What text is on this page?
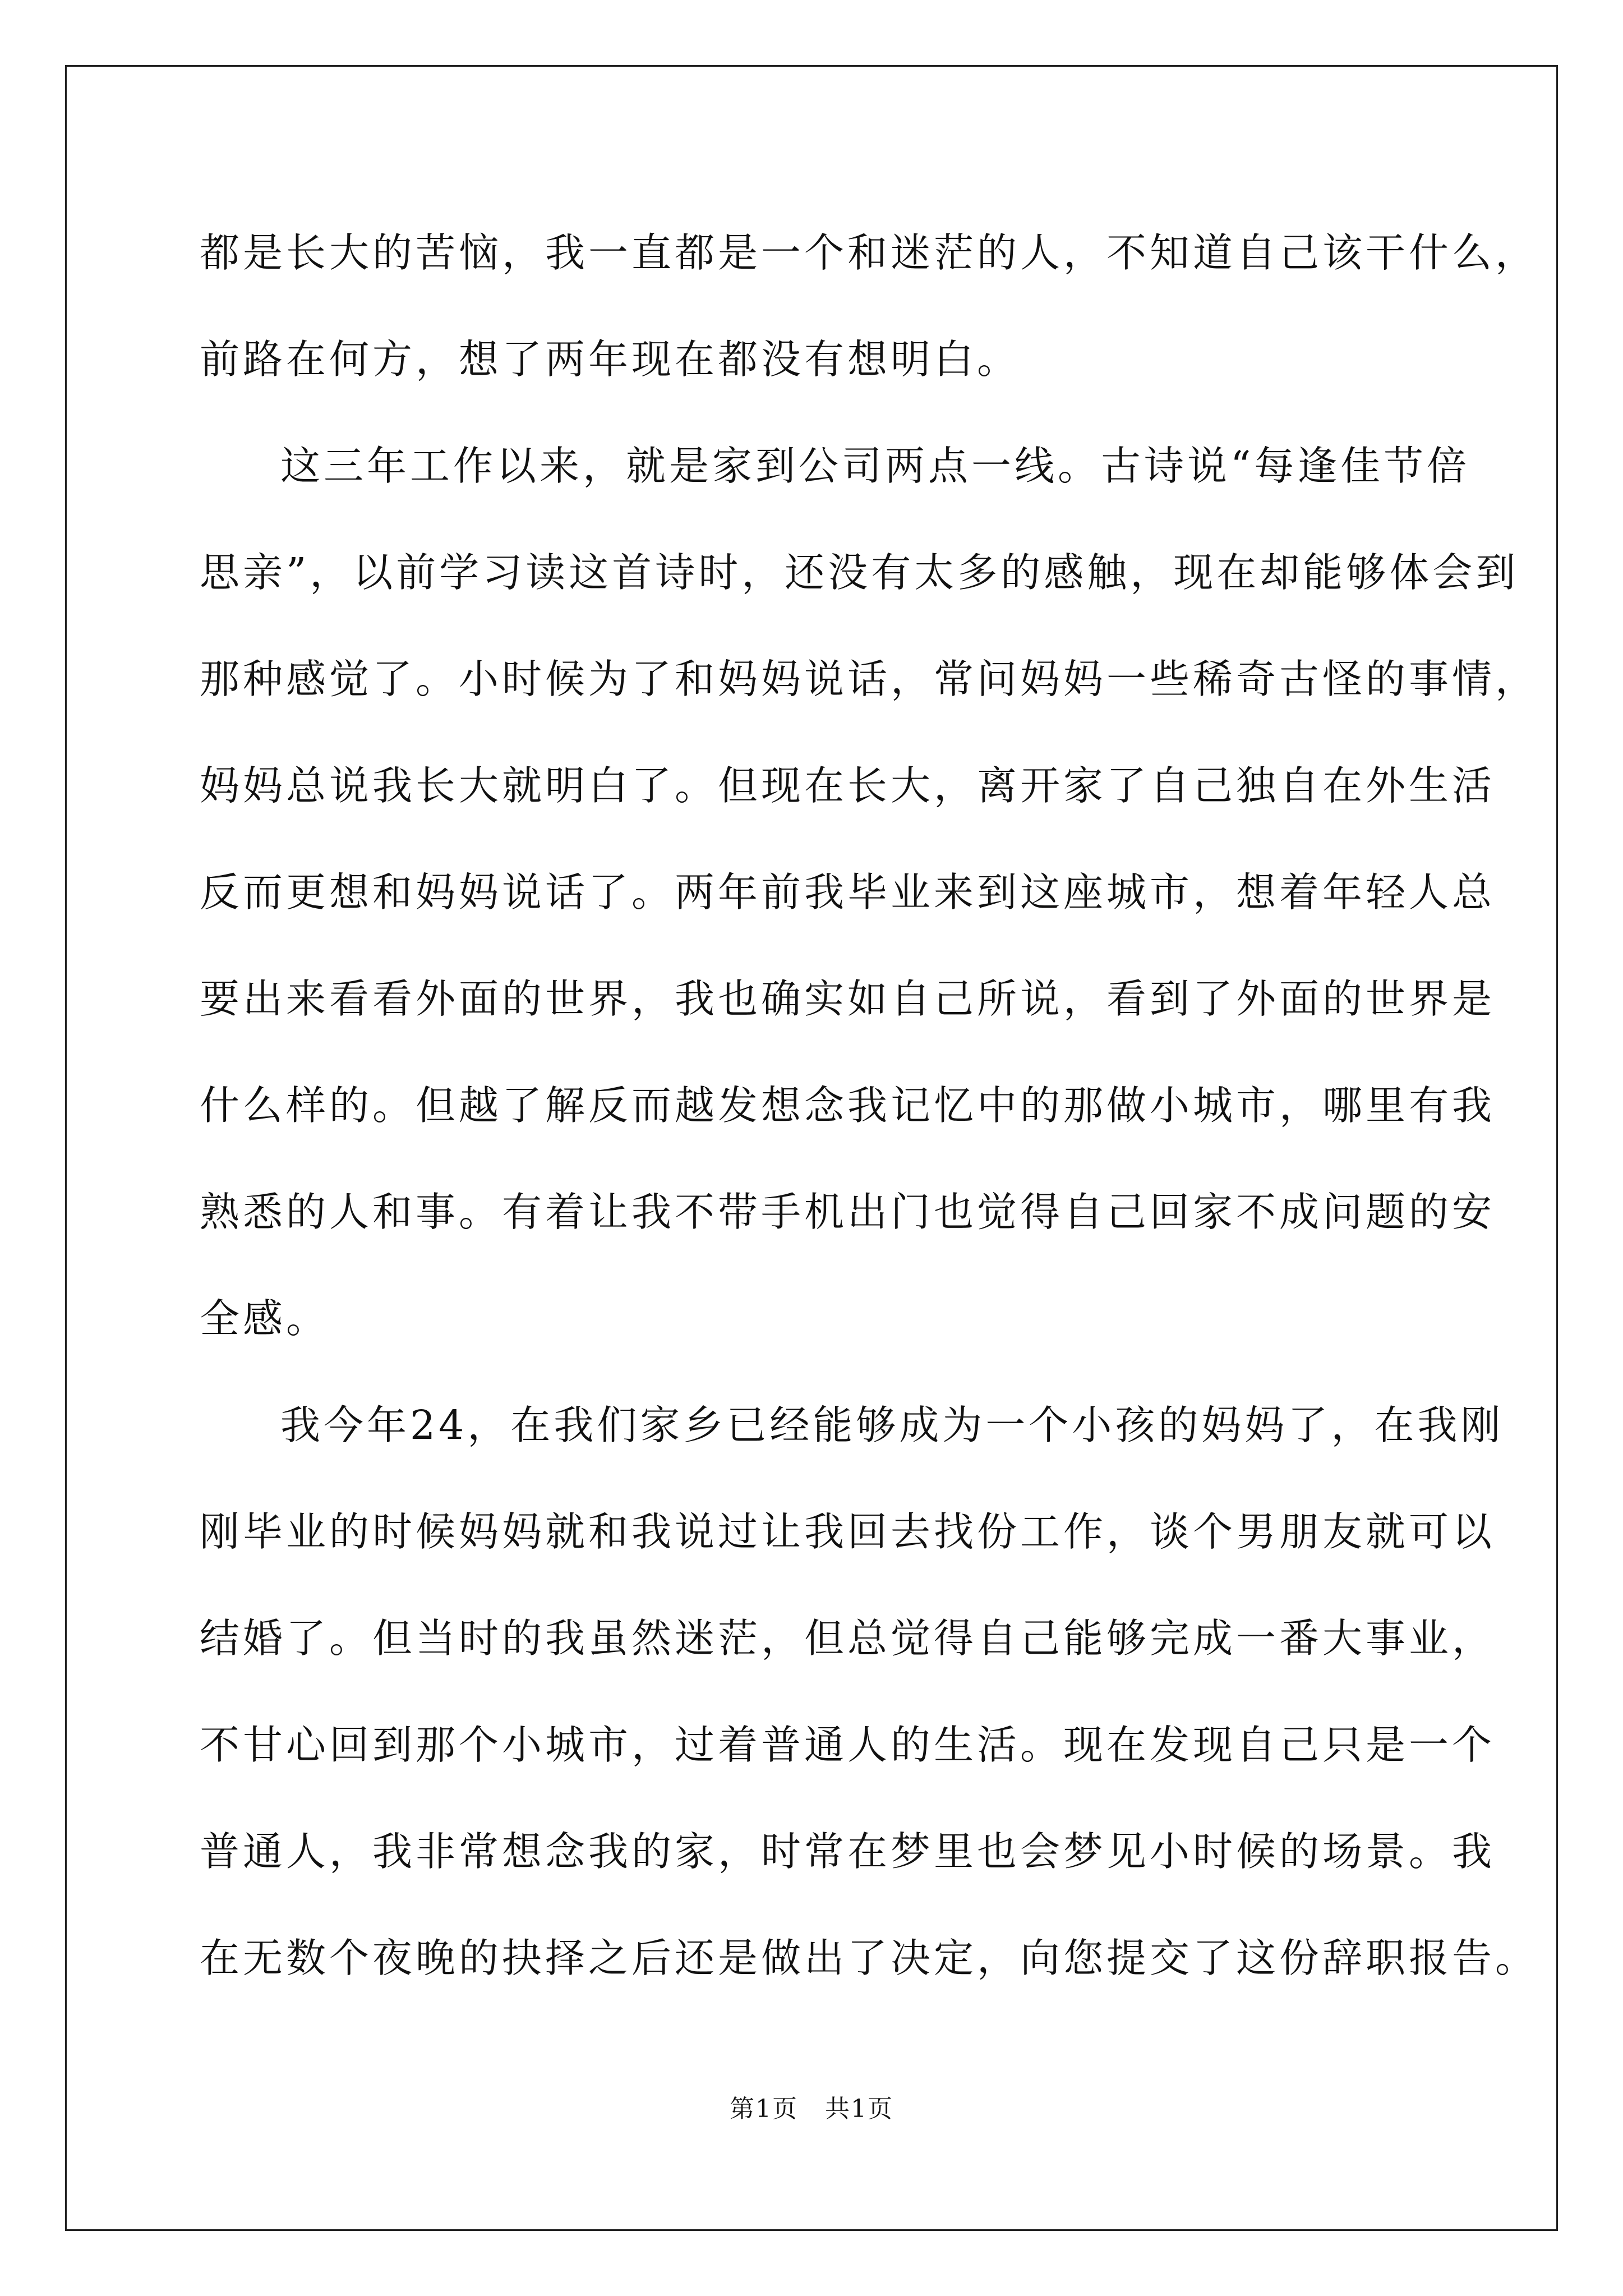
都是长大的苦恼，我一直都是一个和迷茫的人，不知道自己该干什么，
前路在何方，想了两年现在都没有想明白。
这三年工作以来，就是家到公司两点一线。古诗说“每逢佳节倍
思亲”，以前学习读这首诗时，还没有太多的感触，现在却能够体会到
那种感觉了。小时候为了和妈妈说话，常问妈妈一些稀奇古怪的事情，
妈妈总说我长大就明白了。但现在长大，离开家了自己独自在外生活
反而更想和妈妈说话了。两年前我毕业来到这座城市，想着年轻人总
要出来看看外面的世界，我也确实如自己所说，看到了外面的世界是
什么样的。但越了解反而越发想念我记忆中的那做小城市，哪里有我
熟悉的人和事。有着让我不带手机出门也觉得自己回家不成问题的安
全感。
我今年24，在我们家乡已经能够成为一个小孩的妈妈了，在我刚
刚毕业的时候妈妈就和我说过让我回去找份工作，谈个男朋友就可以
结婚了。但当时的我虽然迷茫，但总觉得自己能够完成一番大事业，
不甘心回到那个小城市，过着普通人的生活。现在发现自己只是一个
普通人，我非常想念我的家，时常在梦里也会梦见小时候的场景。我
在无数个夜晚的抉择之后还是做出了决定，向您提交了这份辞职报告。
第1页   共1页
